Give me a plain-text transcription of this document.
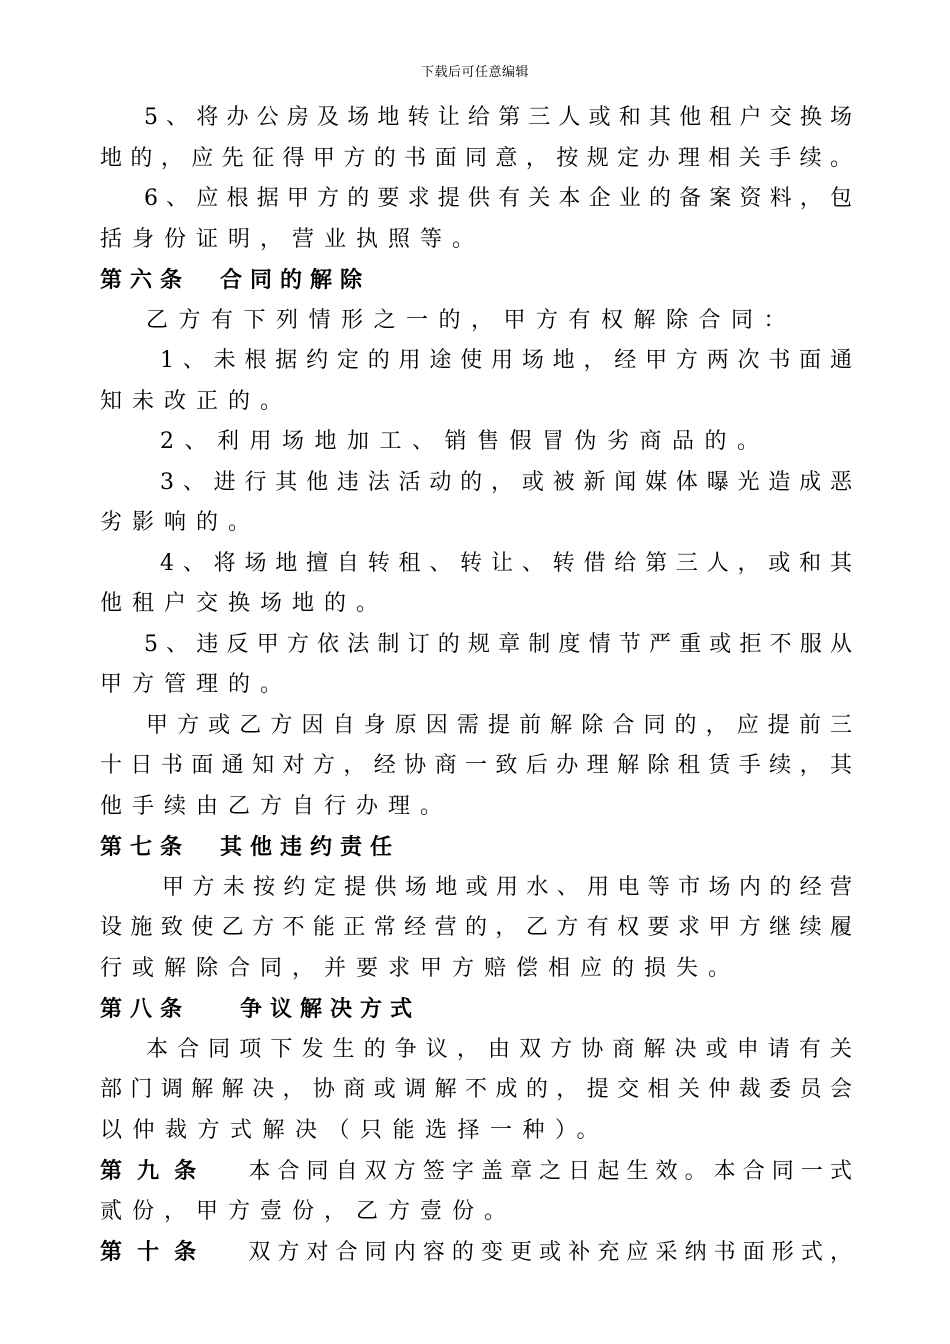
下载后可任意编辑
5、将办公房及场地转让给第三人或和其他租户交换场
地的，应先征得甲方的书面同意，按规定办理相关手续。
6、应根据甲方的要求提供有关本企业的备案资料，包
括身份证明，营业执照等。
第六条 合同的解除
乙方有下列情形之一的，甲方有权解除合同：
1、未根据约定的用途使用场地，经甲方两次书面通
知未改正的。
2、利用场地加工、销售假冒伪劣商品的。
3、进行其他违法活动的，或被新闻媒体曝光造成恶
劣影响的。
4、将场地擅自转租、转让、转借给第三人，或和其
他租户交换场地的。
5、违反甲方依法制订的规章制度情节严重或拒不服从
甲方管理的。
甲方或乙方因自身原因需提前解除合同的，应提前三
十日书面通知对方，经协商一致后办理解除租赁手续，其
他手续由乙方自行办理。
第七条 其他违约责任
甲方未按约定提供场地或用水、用电等市场内的经营
设施致使乙方不能正常经营的，乙方有权要求甲方继续履
行或解除合同，并要求甲方赔偿相应的损失。
第八条 争议解决方式
本合同项下发生的争议，由双方协商解决或申请有关
部门调解解决，协商或调解不成的，提交相关仲裁委员会
以仲裁方式解决（只能选择一种）。
第九条 本合同自双方签字盖章之日起生效。本合同一式
贰份，甲方壹份，乙方壹份。
第十条 双方对合同内容的变更或补充应采纳书面形式，
